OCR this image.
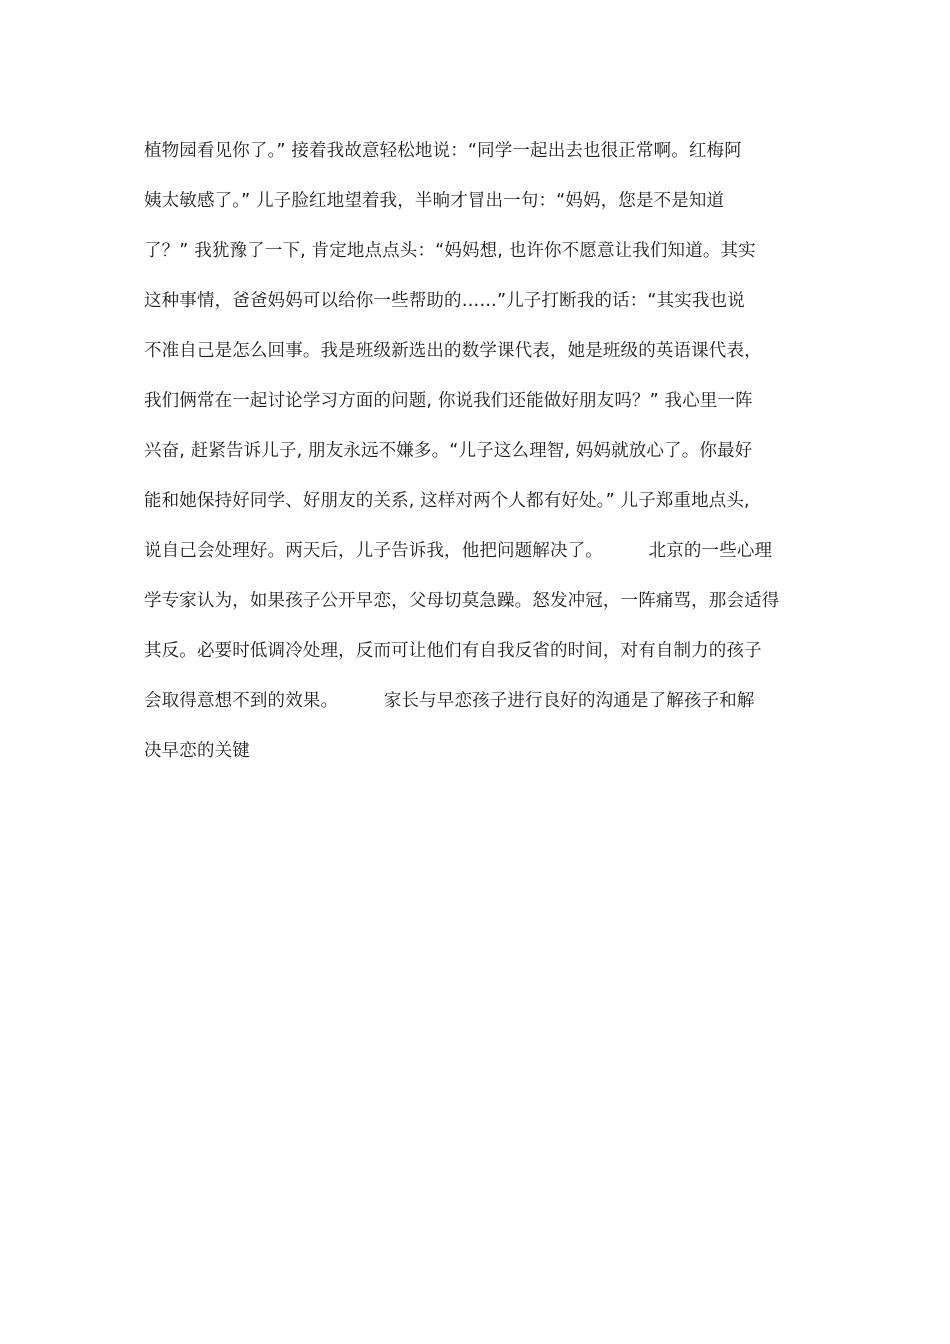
植物园看见你了。” 接着我故意轻松地说：“同学一起出去也很正常啊。红梅阿
姨太敏感了。” 儿子脸红地望着我，半晌才冒出一句：“妈妈，您是不是知道
了？” 我犹豫了一下, 肯定地点点头：“妈妈想, 也许你不愿意让我们知道。其实
这种事情，爸爸妈妈可以给你一些帮助的……”儿子打断我的话：“其实我也说
不准自己是怎么回事。我是班级新选出的数学课代表，她是班级的英语课代表，
我们俩常在一起讨论学习方面的问题, 你说我们还能做好朋友吗？” 我心里一阵
兴奋, 赶紧告诉儿子, 朋友永远不嫌多。“儿子这么理智, 妈妈就放心了。你最好
能和她保持好同学、好朋友的关系, 这样对两个人都有好处。” 儿子郑重地点头,
说自己会处理好。两天后，儿子告诉我，他把问题解决了。        北京的一些心理
学专家认为，如果孩子公开早恋，父母切莫急躁。怒发冲冠，一阵痛骂，那会适得
其反。必要时低调冷处理，反而可让他们有自我反省的时间，对有自制力的孩子
会取得意想不到的效果。        家长与早恋孩子进行良好的沟通是了解孩子和解
决早恋的关键
